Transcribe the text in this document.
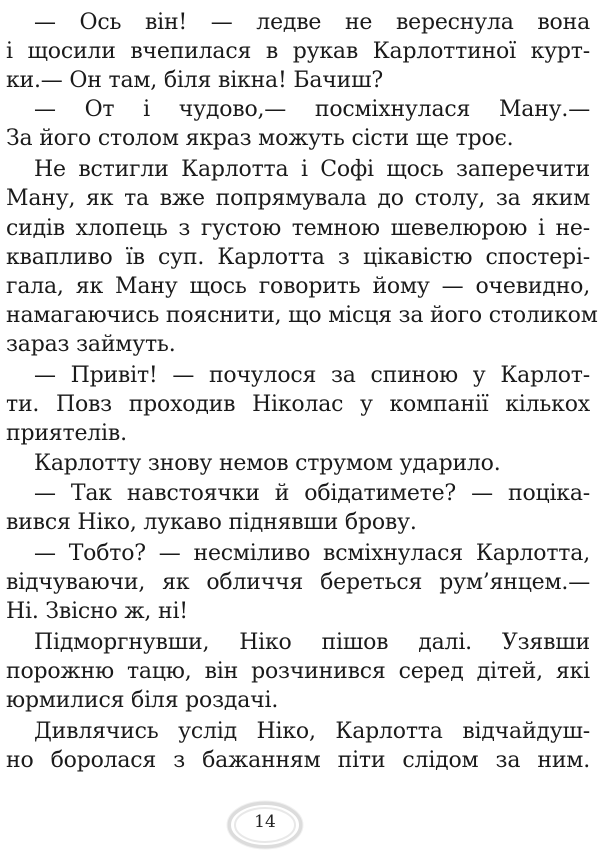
— Ось він! — ледве не вереснула вона
і щосили вчепилася в рукав Карлоттиної курт-
ки.— Он там, біля вікна! Бачиш?
— От і чудово,— посміхнулася Ману.—
За його столом якраз можуть сісти ще троє.
Не встигли Карлотта і Софі щось заперечити
Ману, як та вже попрямувала до столу, за яким
сидів хлопець з густою темною шевелюрою і не-
квапливо їв суп. Карлотта з цікавістю спостері-
гала, як Ману щось говорить йому — очевидно,
намагаючись пояснити, що місця за його столиком
зараз займуть.
— Привіт! — почулося за спиною у Карлот-
ти. Повз проходив Ніколас у компанії кількох
приятелів.
Карлотту знову немов струмом ударило.
— Так навстоячки й обідатимете? — поціка-
вився Ніко, лукаво піднявши брову.
— Тобто? — несміливо всміхнулася Карлотта,
відчуваючи, як обличчя береться рум’янцем.—
Ні. Звісно ж, ні!
Підморгнувши, Ніко пішов далі. Узявши
порожню тацю, він розчинився серед дітей, які
юрмилися біля роздачі.
Дивлячись услід Ніко, Карлотта відчайдуш-
но боролася з бажанням піти слідом за ним.
14
